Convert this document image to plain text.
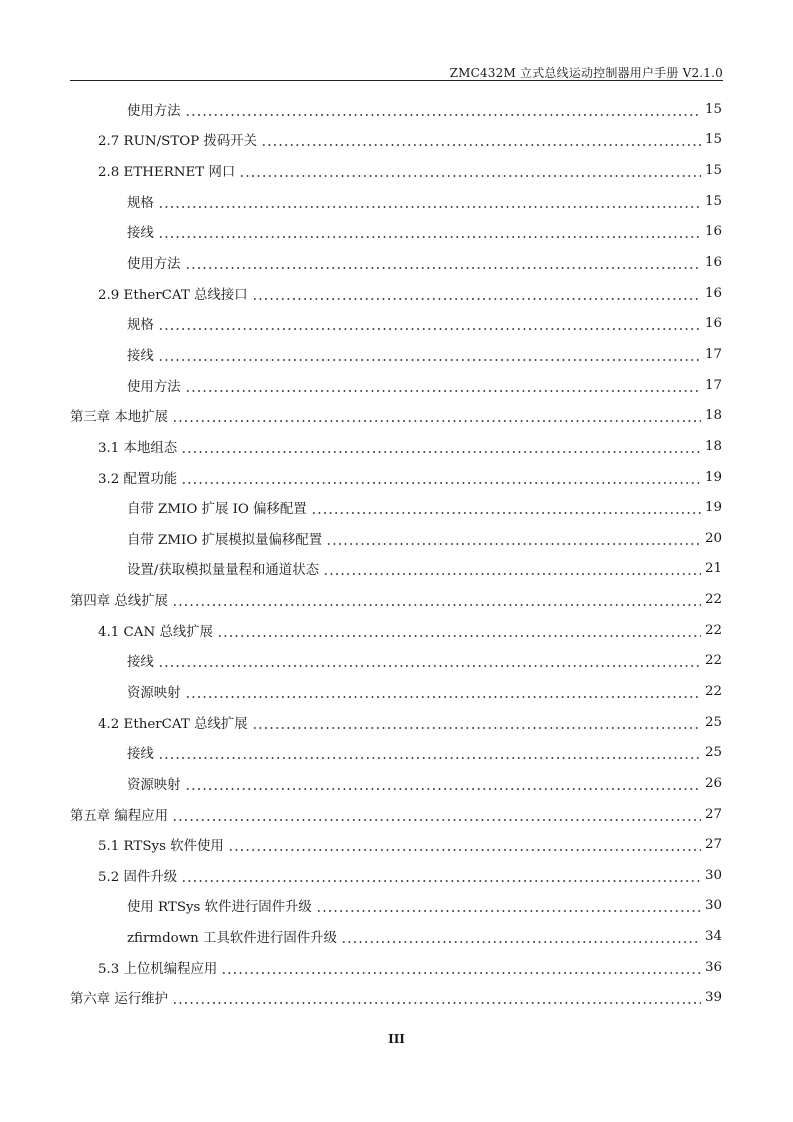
ZMC432M 立式总线运动控制器用户手册 V2.1.0
使用方法	15
2.7 RUN/STOP 拨码开关	15
2.8 ETHERNET 网口	15
规格	15
接线	16
使用方法	16
2.9 EtherCAT 总线接口	16
规格	16
接线	17
使用方法	17
第三章 本地扩展	18
3.1 本地组态	18
3.2 配置功能	19
自带 ZMIO 扩展 IO 偏移配置	19
自带 ZMIO 扩展模拟量偏移配置	20
设置/获取模拟量量程和通道状态	21
第四章 总线扩展	22
4.1 CAN 总线扩展	22
接线	22
资源映射	22
4.2 EtherCAT 总线扩展	25
接线	25
资源映射	26
第五章 编程应用	27
5.1 RTSys 软件使用	27
5.2 固件升级	30
使用 RTSys 软件进行固件升级	30
zfirmdown 工具软件进行固件升级	34
5.3 上位机编程应用	36
第六章 运行维护	39
III
